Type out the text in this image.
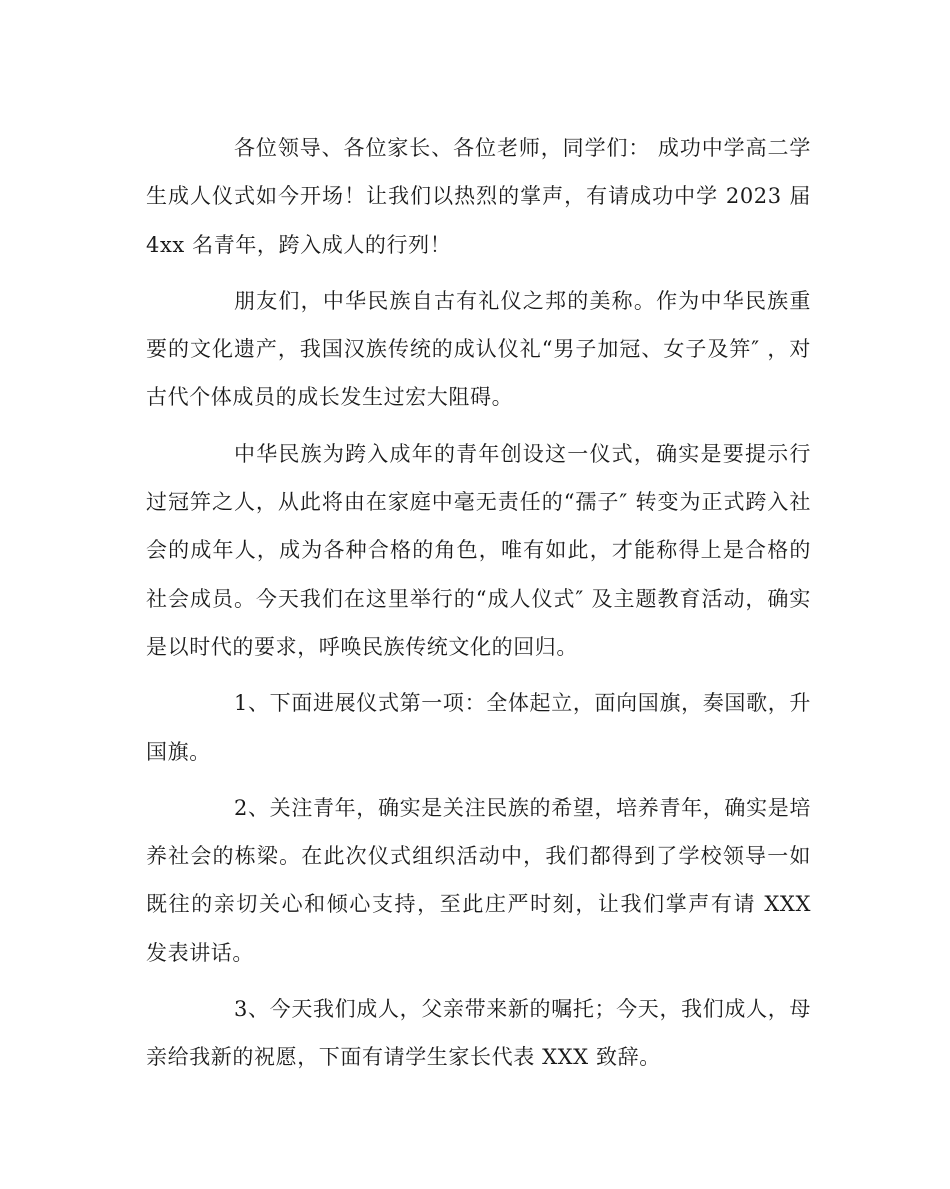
各位领导、各位家长、各位老师，同学们： 成功中学高二学生成人仪式如今开场！让我们以热烈的掌声，有请成功中学 2023 届 4xx 名青年，跨入成人的行列！

朋友们，中华民族自古有礼仪之邦的美称。作为中华民族重要的文化遗产，我国汉族传统的成认仪礼“男子加冠、女子及笄″ ，对古代个体成员的成长发生过宏大阻碍。

中华民族为跨入成年的青年创设这一仪式，确实是要提示行过冠笄之人，从此将由在家庭中毫无责任的“孺子″ 转变为正式跨入社会的成年人，成为各种合格的角色，唯有如此，才能称得上是合格的社会成员。今天我们在这里举行的“成人仪式″ 及主题教育活动，确实是以时代的要求，呼唤民族传统文化的回归。

1、下面进展仪式第一项：全体起立，面向国旗，奏国歌，升国旗。

2、关注青年，确实是关注民族的希望，培养青年，确实是培养社会的栋梁。在此次仪式组织活动中，我们都得到了学校领导一如既往的亲切关心和倾心支持，至此庄严时刻，让我们掌声有请 XXX 发表讲话。

3、今天我们成人，父亲带来新的嘱托；今天，我们成人，母亲给我新的祝愿，下面有请学生家长代表 XXX 致辞。
